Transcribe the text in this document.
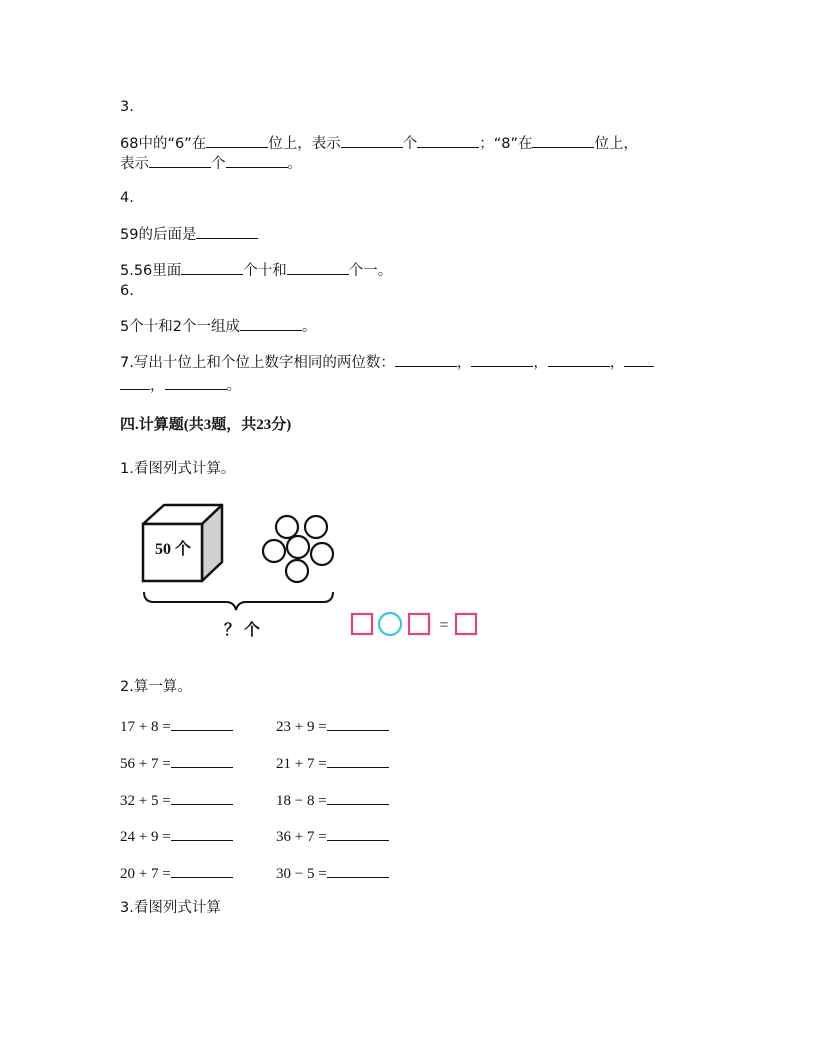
3.
68中的“6”在	位上，表示	个	；“8”在	位上，
表示	个	。
4.
59的后面是
5.56里面	个十和	个一。
6.
5个十和2个一组成	。
7.写出十位上和个位上数字相同的两位数：	，	，	，
，	。
四.计算题(共3题，共23分)
1.看图列式计算。
50 个
？ 个	=
2.算一算。
17 + 8 =	23 + 9 =
56 + 7 =	21 + 7 =
32 + 5 =	18 − 8 =
24 + 9 =	36 + 7 =
20 + 7 =	30 − 5 =
3.看图列式计算
